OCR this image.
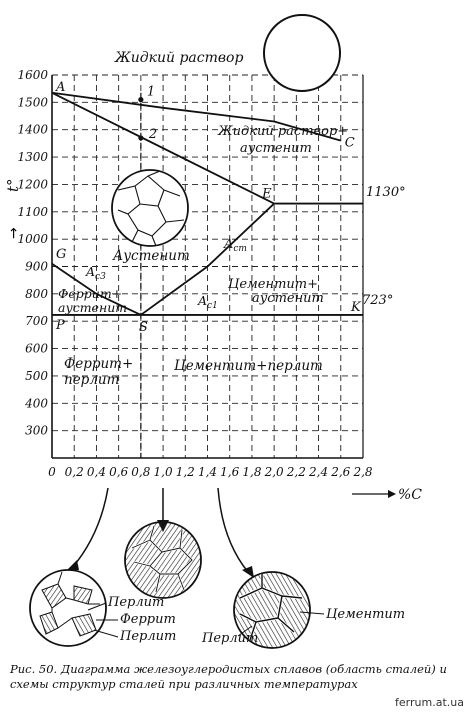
0 0,2 0,4 0,6 0,8 1,0 1,2 1,4 1,6 1,8 2,0 2,2 2,4 2,6 2,8
1600
1500
1400
1300
1200
1100
1000
900
800
700
600
500
400
300
A	1
2
C
E
G
P	S
K
t°
→
%C
Жидкий раствор
Жидкий раствор+
аустенит
1130°
723°
Аустенит
$A_{cm}$
$A_{c3}$
$A_{c1}$
Цементит+
аустенит
Феррит+
аустенит
Феррит+
перлит
Цементит+перлит
Перлит
Феррит
Перлит
Цементит
Перлит
Рис. 50. Диаграмма железоуглеродистых сплавов (область сталей) и схемы структур сталей при различных температурах
ferrum.at.ua
